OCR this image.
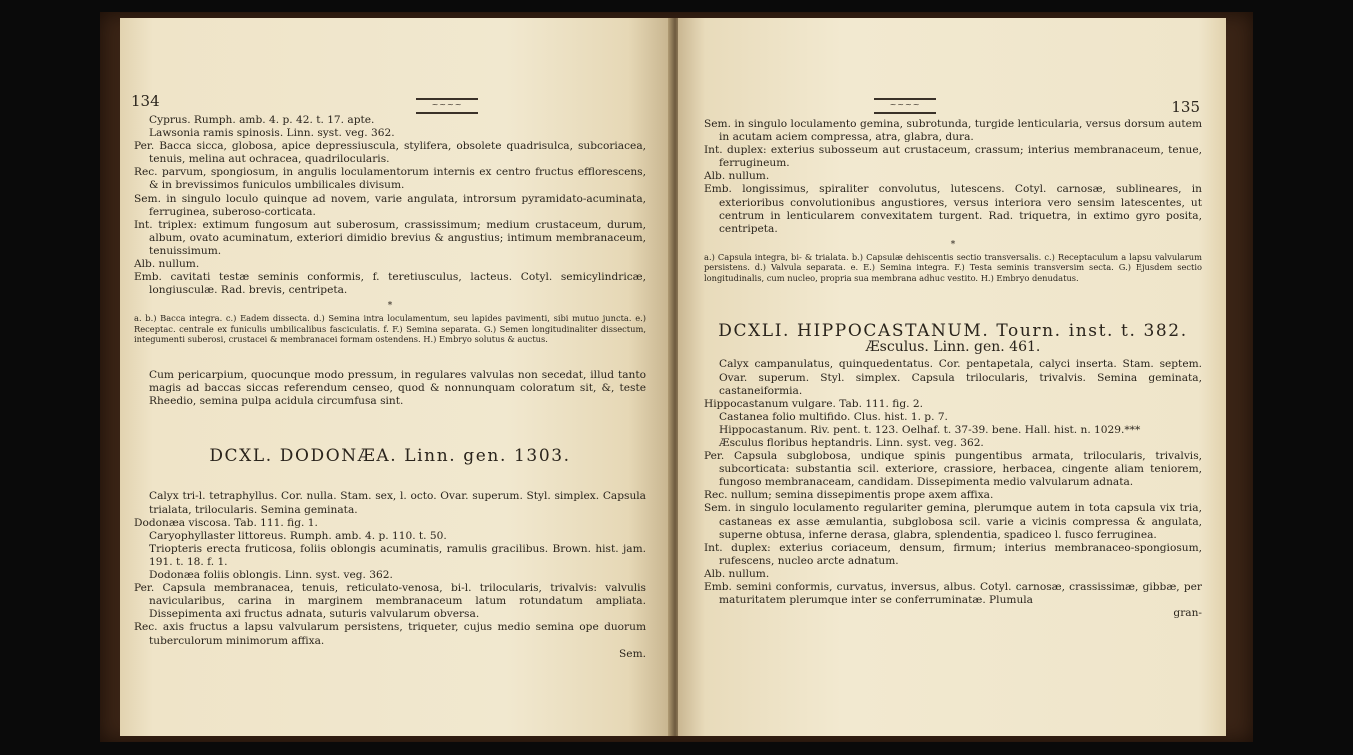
134	~~~~

Cyprus. Rumph. amb. 4. p. 42. t. 17. apte.

Lawsonia ramis spinosis. Linn. syst. veg. 362.

Per. Bacca sicca, globosa, apice depressiuscula, stylifera, obsolete quadrisulca, subcoriacea, tenuis, melina aut ochracea, quadrilocularis.

Rec. parvum, spongiosum, in angulis loculamentorum internis ex centro fructus efflorescens, & in brevissimos funiculos umbilicales divisum.

Sem. in singulo loculo quinque ad novem, varie angulata, introrsum pyramidato-acuminata, ferruginea, suberoso-corticata.

Int. triplex: extimum fungosum aut suberosum, crassissimum; medium crustaceum, durum, album, ovato acuminatum, exteriori dimidio brevius & angustius; intimum membranaceum, tenuissimum.

Alb. nullum.

Emb. cavitati testæ seminis conformis, f. teretiusculus, lacteus. Cotyl. semicylindricæ, longiusculæ. Rad. brevis, centripeta.

*

a. b.) Bacca integra. c.) Eadem dissecta. d.) Semina intra loculamentum, seu lapides pavimenti, sibi mutuo juncta. e.) Receptac. centrale ex funiculis umbilicalibus fasciculatis. f. F.) Semina separata. G.) Semen longitudinaliter dissectum, integumenti suberosi, crustacei & membranacei formam ostendens. H.) Embryo solutus & auctus.

Cum pericarpium, quocunque modo pressum, in regulares valvulas non secedat, illud tanto magis ad baccas siccas referendum censeo, quod & nonnunquam coloratum sit, &, teste Rheedio, semina pulpa acidula circumfusa sint.

DCXL. DODONÆA. Linn. gen. 1303.

Calyx tri-l. tetraphyllus. Cor. nulla. Stam. sex, l. octo. Ovar. superum. Styl. simplex. Capsula trialata, trilocularis. Semina geminata.

Dodonæa viscosa. Tab. 111. fig. 1.

Caryophyllaster littoreus. Rumph. amb. 4. p. 110. t. 50.

Triopteris erecta fruticosa, foliis oblongis acuminatis, ramulis gracilibus. Brown. hist. jam. 191. t. 18. f. 1.

Dodonæa foliis oblongis. Linn. syst. veg. 362.

Per. Capsula membranacea, tenuis, reticulato-venosa, bi-l. trilocularis, trivalvis: valvulis navicularibus, carina in marginem membranaceum latum rotundatum ampliata. Dissepimenta axi fructus adnata, suturis valvularum obversa.

Rec. axis fructus a lapsu valvularum persistens, triqueter, cujus medio semina ope duorum tuberculorum minimorum affixa.

Sem.

135
~~~~

Sem. in singulo loculamento gemina, subrotunda, turgide lenticularia, versus dorsum autem in acutam aciem compressa, atra, glabra, dura.

Int. duplex: exterius subosseum aut crustaceum, crassum; interius membranaceum, tenue, ferrugineum.

Alb. nullum.

Emb. longissimus, spiraliter convolutus, lutescens. Cotyl. carnosæ, sublineares, in exterioribus convolutionibus angustiores, versus interiora vero sensim latescentes, ut centrum in lenticularem convexitatem turgent. Rad. triquetra, in extimo gyro posita, centripeta.

*

a.) Capsula integra, bi- & trialata. b.) Capsulæ dehiscentis sectio transversalis. c.) Receptaculum a lapsu valvularum persistens. d.) Valvula separata. e. E.) Semina integra. F.) Testa seminis transversim secta. G.) Ejusdem sectio longitudinalis, cum nucleo, propria sua membrana adhuc vestito. H.) Embryo denudatus.

DCXLI. HIPPOCASTANUM. Tourn. inst. t. 382.

Æsculus. Linn. gen. 461.

Calyx campanulatus, quinquedentatus. Cor. pentapetala, calyci inserta. Stam. septem. Ovar. superum. Styl. simplex. Capsula trilocularis, trivalvis. Semina geminata, castaneiformia.

Hippocastanum vulgare. Tab. 111. fig. 2.

Castanea folio multifido. Clus. hist. 1. p. 7.

Hippocastanum. Riv. pent. t. 123. Oelhaf. t. 37-39. bene. Hall. hist. n. 1029.***

Æsculus floribus heptandris. Linn. syst. veg. 362.

Per. Capsula subglobosa, undique spinis pungentibus armata, trilocularis, trivalvis, subcorticata: substantia scil. exteriore, crassiore, herbacea, cingente aliam teniorem, fungoso membranaceam, candidam. Dissepimenta medio valvularum adnata.

Rec. nullum; semina dissepimentis prope axem affixa.

Sem. in singulo loculamento regulariter gemina, plerumque autem in tota capsula vix tria, castaneas ex asse æmulantia, subglobosa scil. varie a vicinis compressa & angulata, superne obtusa, inferne derasa, glabra, splendentia, spadiceo l. fusco ferruginea.

Int. duplex: exterius coriaceum, densum, firmum; interius membranaceo-spongiosum, rufescens, nucleo arcte adnatum.

Alb. nullum.

Emb. semini conformis, curvatus, inversus, albus. Cotyl. carnosæ, crassissimæ, gibbæ, per maturitatem plerumque inter se conferruminatæ. Plumula

gran-
